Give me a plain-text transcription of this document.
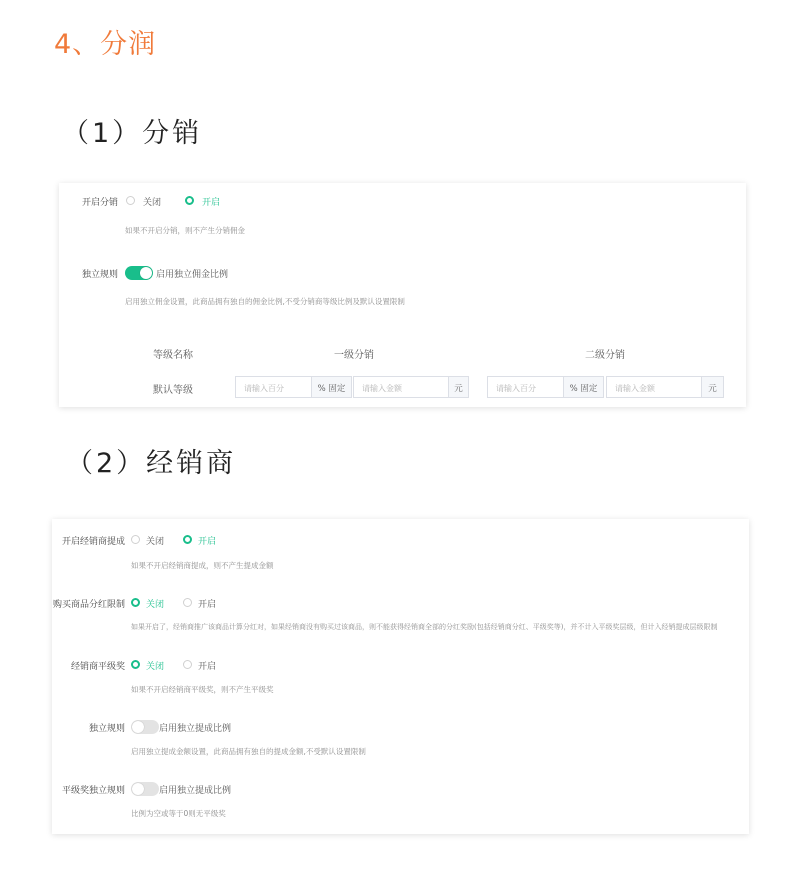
4、分润
（1）分销
（2）经销商
开启分销	关闭	开启
如果不开启分销，则不产生分销佣金
独立规则	启用独立佣金比例
启用独立佣金设置，此商品拥有独自的佣金比例,不受分销商等级比例及默认设置限制
等级名称	一级分销	二级分销
默认等级	请输入百分	% 固定	请输入金额	元	请输入百分	% 固定	请输入金额	元
开启经销商提成 关闭	开启
如果不开启经销商提成，则不产生提成金额
购买商品分红限制 关闭	开启
如果开启了，经销商推广该商品计算分红对，如果经销商没有购买过该商品，则不能获得经销商全部的分红奖励(包括经销商分红、平级奖等)，并不计入平级奖层级，但计入经销提成层级限制
经销商平级奖 关闭	开启
如果不开启经销商平级奖，则不产生平级奖
独立规则	启用独立提成比例
启用独立提成金额设置，此商品拥有独自的提成金额,不受默认设置限制
平级奖独立规则	启用独立提成比例
比例为空或等于0则无平级奖
